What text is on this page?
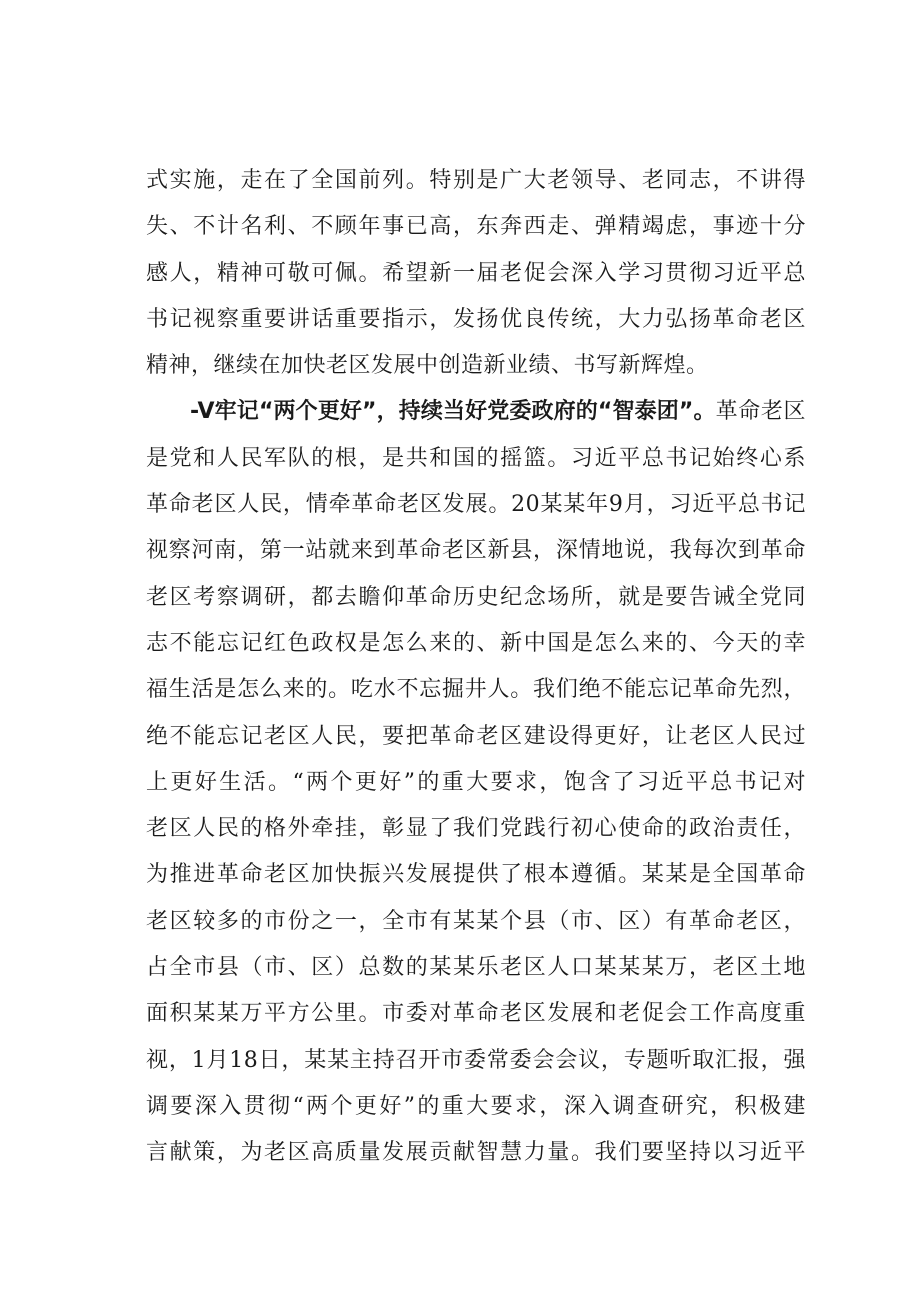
式实施，走在了全国前列。特别是广大老领导、老同志，不讲得
失、不计名利、不顾年事已高，东奔西走、弹精竭虑，事迹十分
感人，精神可敬可佩。希望新一届老促会深入学习贯彻习近平总
书记视察重要讲话重要指示，发扬优良传统，大力弘扬革命老区
精神，继续在加快老区发展中创造新业绩、书写新辉煌。
-V牢记“两个更好”，持续当好党委政府的“智泰团”。革命老区
是党和人民军队的根，是共和国的摇篮。习近平总书记始终心系
革命老区人民，情牵革命老区发展。20某某年9月，习近平总书记
视察河南，第一站就来到革命老区新县，深情地说，我每次到革命
老区考察调研，都去瞻仰革命历史纪念场所，就是要告诫全党同
志不能忘记红色政权是怎么来的、新中国是怎么来的、今天的幸
福生活是怎么来的。吃水不忘掘井人。我们绝不能忘记革命先烈，
绝不能忘记老区人民，要把革命老区建设得更好，让老区人民过
上更好生活。“两个更好”的重大要求，饱含了习近平总书记对
老区人民的格外牵挂，彰显了我们党践行初心使命的政治责任，
为推进革命老区加快振兴发展提供了根本遵循。某某是全国革命
老区较多的市份之一，全市有某某个县（市、区）有革命老区，
占全市县（市、区）总数的某某乐老区人口某某某万，老区土地
面积某某万平方公里。市委对革命老区发展和老促会工作高度重
视，1月18日，某某主持召开市委常委会会议，专题听取汇报，强
调要深入贯彻“两个更好”的重大要求，深入调查研究，积极建
言献策，为老区高质量发展贡献智慧力量。我们要坚持以习近平
